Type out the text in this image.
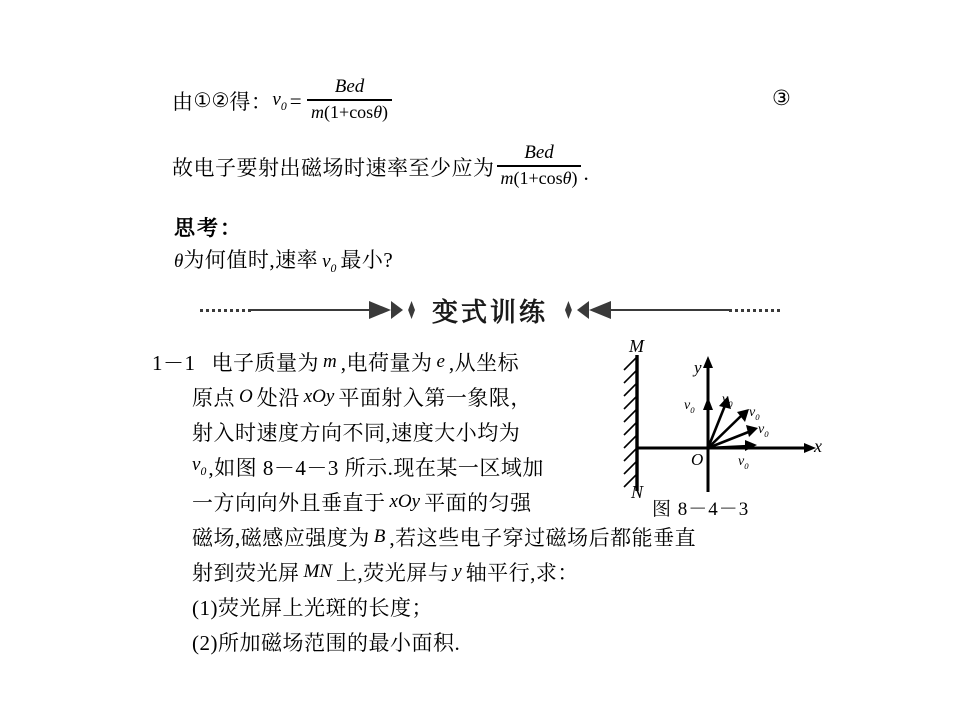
由 ① ② 得： $v_0 = \frac{\text{Bed}}{m(1+\cos\theta)}$	③
故电子要射出磁场时速率至少应为 $\frac{\text{Bed}}{m(1+\cos\theta)}$ .
思考：
θ 为何值时,速率 $v_0$ 最小?
变式训练
1－1 电子质量为 m ,电荷量为 e ,从坐标
原点 O 处沿 xOy 平面射入第一象限，
射入时速度方向不同,速度大小均为
$v_0$ ,如图 8－4－3 所示.现在某一区域加
一方向向外且垂直于 xOy 平面的匀强
磁场,磁感应强度为 B ,若这些电子穿过磁场后都能垂直
射到荧光屏 MN 上,荧光屏与 y 轴平行,求：
(1)荧光屏上光斑的长度；
(2)所加磁场范围的最小面积.
M
N
O
x
y
$v_0$
$v_0$
$v_0$
$v_0$
$v_0$
图 8－4－3
